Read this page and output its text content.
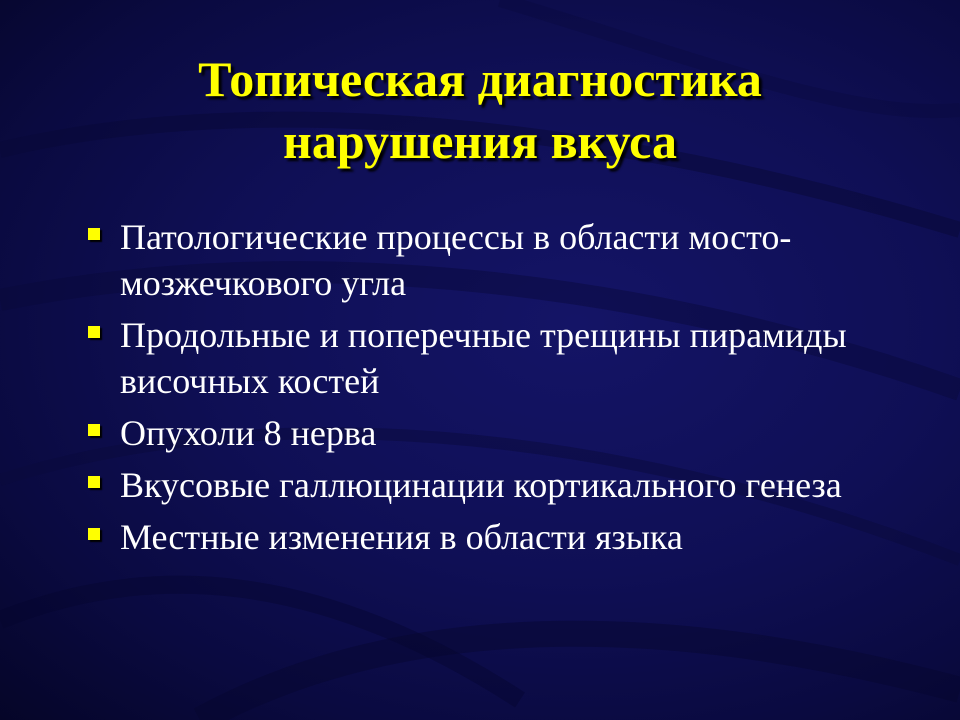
Топическая диагностика
нарушения вкуса
Патологические процессы в области мосто-мозжечкового угла
Продольные и поперечные трещины пирамиды височных костей
Опухоли 8 нерва
Вкусовые галлюцинации кортикального генеза
Местные изменения в области языка
